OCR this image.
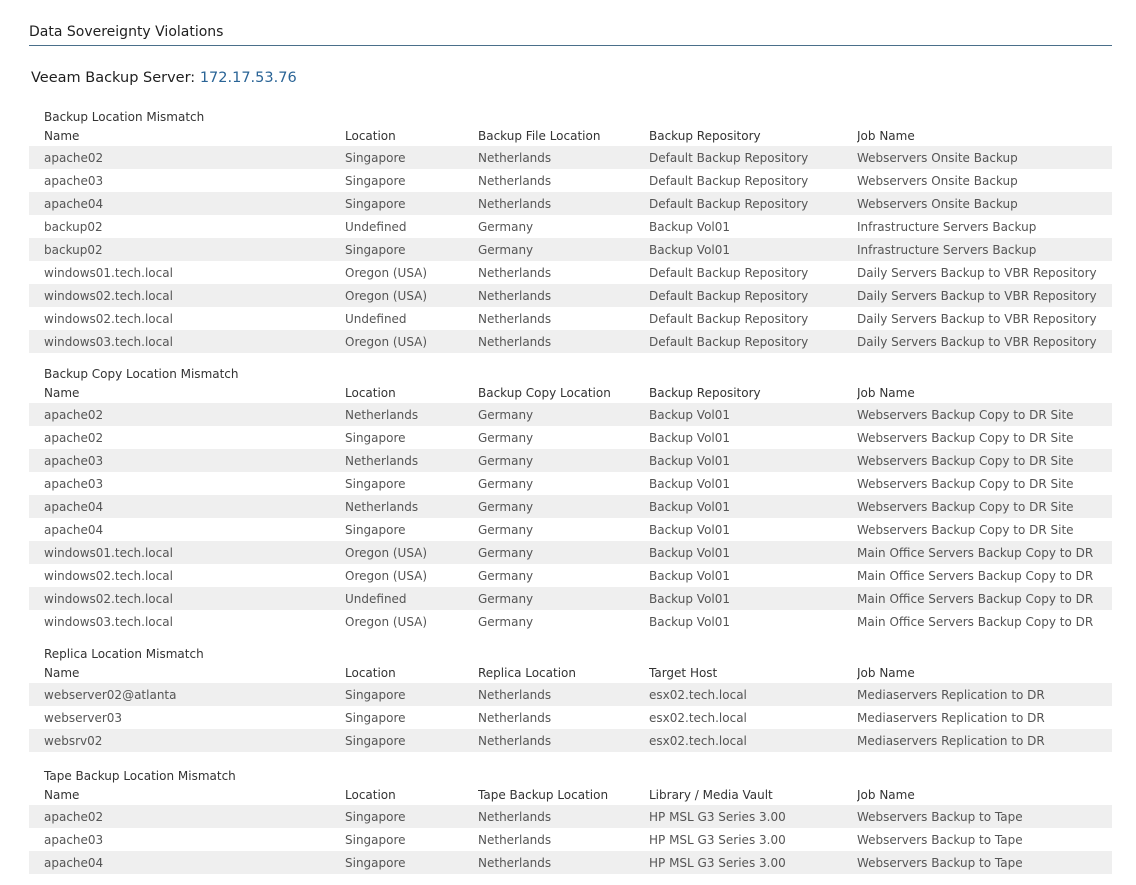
Data Sovereignty Violations
Veeam Backup Server: 172.17.53.76
Backup Location Mismatch
Name	Location	Backup File Location	Backup Repository	Job Name
apache02	Singapore	Netherlands	Default Backup Repository	Webservers Onsite Backup
apache03	Singapore	Netherlands	Default Backup Repository	Webservers Onsite Backup
apache04	Singapore	Netherlands	Default Backup Repository	Webservers Onsite Backup
backup02	Undefined	Germany	Backup Vol01	Infrastructure Servers Backup
backup02	Singapore	Germany	Backup Vol01	Infrastructure Servers Backup
windows01.tech.local	Oregon (USA)	Netherlands	Default Backup Repository	Daily Servers Backup to VBR Repository
windows02.tech.local	Oregon (USA)	Netherlands	Default Backup Repository	Daily Servers Backup to VBR Repository
windows02.tech.local	Undefined	Netherlands	Default Backup Repository	Daily Servers Backup to VBR Repository
windows03.tech.local	Oregon (USA)	Netherlands	Default Backup Repository	Daily Servers Backup to VBR Repository
Backup Copy Location Mismatch
Name	Location	Backup Copy Location	Backup Repository	Job Name
apache02	Netherlands	Germany	Backup Vol01	Webservers Backup Copy to DR Site
apache02	Singapore	Germany	Backup Vol01	Webservers Backup Copy to DR Site
apache03	Netherlands	Germany	Backup Vol01	Webservers Backup Copy to DR Site
apache03	Singapore	Germany	Backup Vol01	Webservers Backup Copy to DR Site
apache04	Netherlands	Germany	Backup Vol01	Webservers Backup Copy to DR Site
apache04	Singapore	Germany	Backup Vol01	Webservers Backup Copy to DR Site
windows01.tech.local	Oregon (USA)	Germany	Backup Vol01	Main Office Servers Backup Copy to DR
windows02.tech.local	Oregon (USA)	Germany	Backup Vol01	Main Office Servers Backup Copy to DR
windows02.tech.local	Undefined	Germany	Backup Vol01	Main Office Servers Backup Copy to DR
windows03.tech.local	Oregon (USA)	Germany	Backup Vol01	Main Office Servers Backup Copy to DR
Replica Location Mismatch
Name	Location	Replica Location	Target Host	Job Name
webserver02@atlanta	Singapore	Netherlands	esx02.tech.local	Mediaservers Replication to DR
webserver03	Singapore	Netherlands	esx02.tech.local	Mediaservers Replication to DR
websrv02	Singapore	Netherlands	esx02.tech.local	Mediaservers Replication to DR
Tape Backup Location Mismatch
Name	Location	Tape Backup Location	Library / Media Vault	Job Name
apache02	Singapore	Netherlands	HP MSL G3 Series 3.00	Webservers Backup to Tape
apache03	Singapore	Netherlands	HP MSL G3 Series 3.00	Webservers Backup to Tape
apache04	Singapore	Netherlands	HP MSL G3 Series 3.00	Webservers Backup to Tape
